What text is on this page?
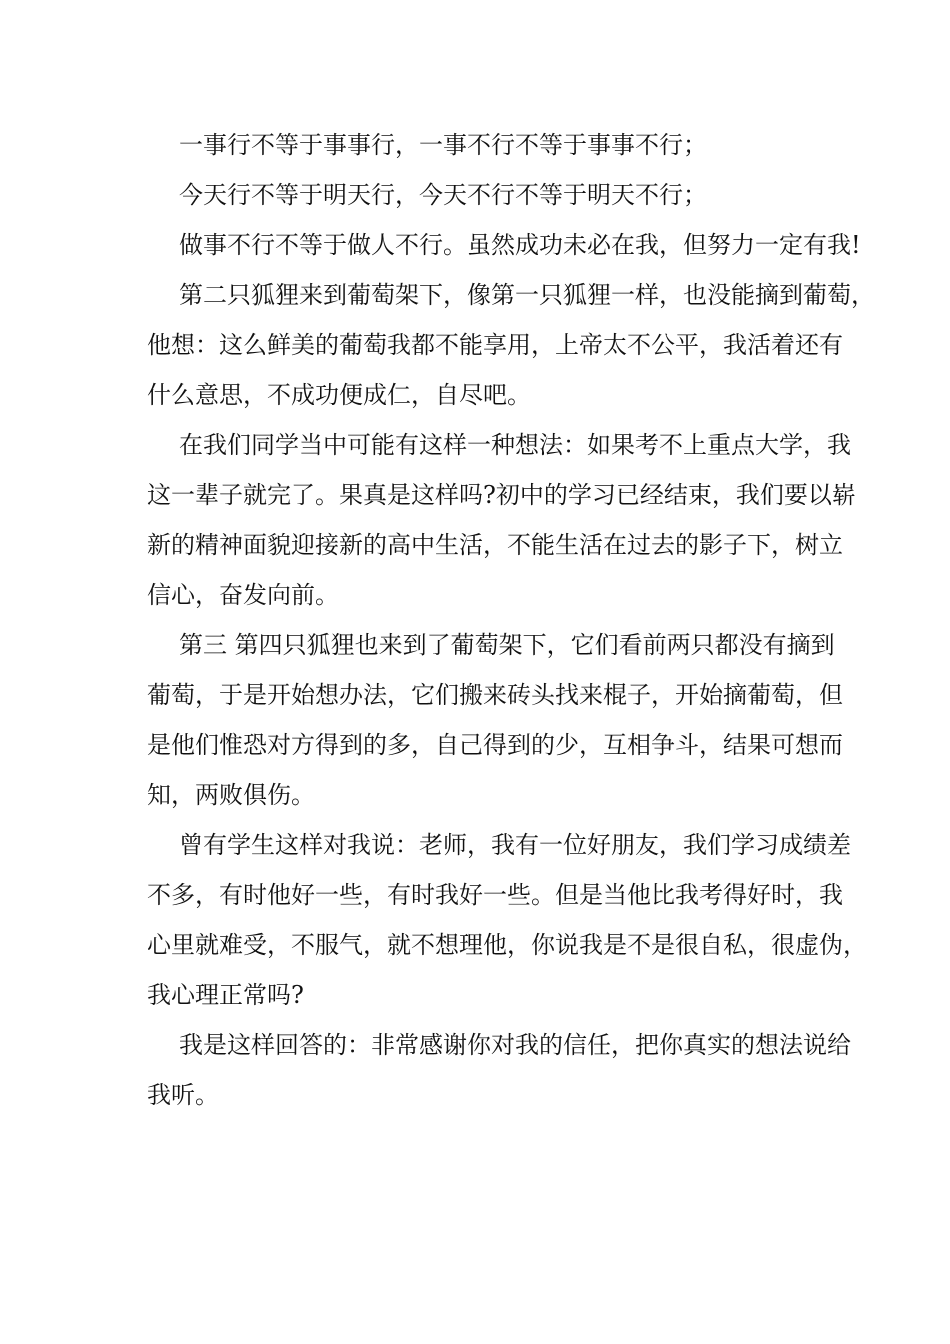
一事行不等于事事行，一事不行不等于事事不行；

今天行不等于明天行，今天不行不等于明天不行；

做事不行不等于做人不行。虽然成功未必在我，但努力一定有我!

第二只狐狸来到葡萄架下，像第一只狐狸一样，也没能摘到葡萄，
他想：这么鲜美的葡萄我都不能享用，上帝太不公平，我活着还有
什么意思，不成功便成仁，自尽吧。

在我们同学当中可能有这样一种想法：如果考不上重点大学，我
这一辈子就完了。果真是这样吗?初中的学习已经结束，我们要以崭
新的精神面貌迎接新的高中生活，不能生活在过去的影子下，树立
信心，奋发向前。

第三 第四只狐狸也来到了葡萄架下，它们看前两只都没有摘到
葡萄，于是开始想办法，它们搬来砖头找来棍子，开始摘葡萄，但
是他们惟恐对方得到的多，自己得到的少，互相争斗，结果可想而
知，两败俱伤。

曾有学生这样对我说：老师，我有一位好朋友，我们学习成绩差
不多，有时他好一些，有时我好一些。但是当他比我考得好时，我
心里就难受，不服气，就不想理他，你说我是不是很自私，很虚伪，
我心理正常吗?

我是这样回答的：非常感谢你对我的信任，把你真实的想法说给
我听。
